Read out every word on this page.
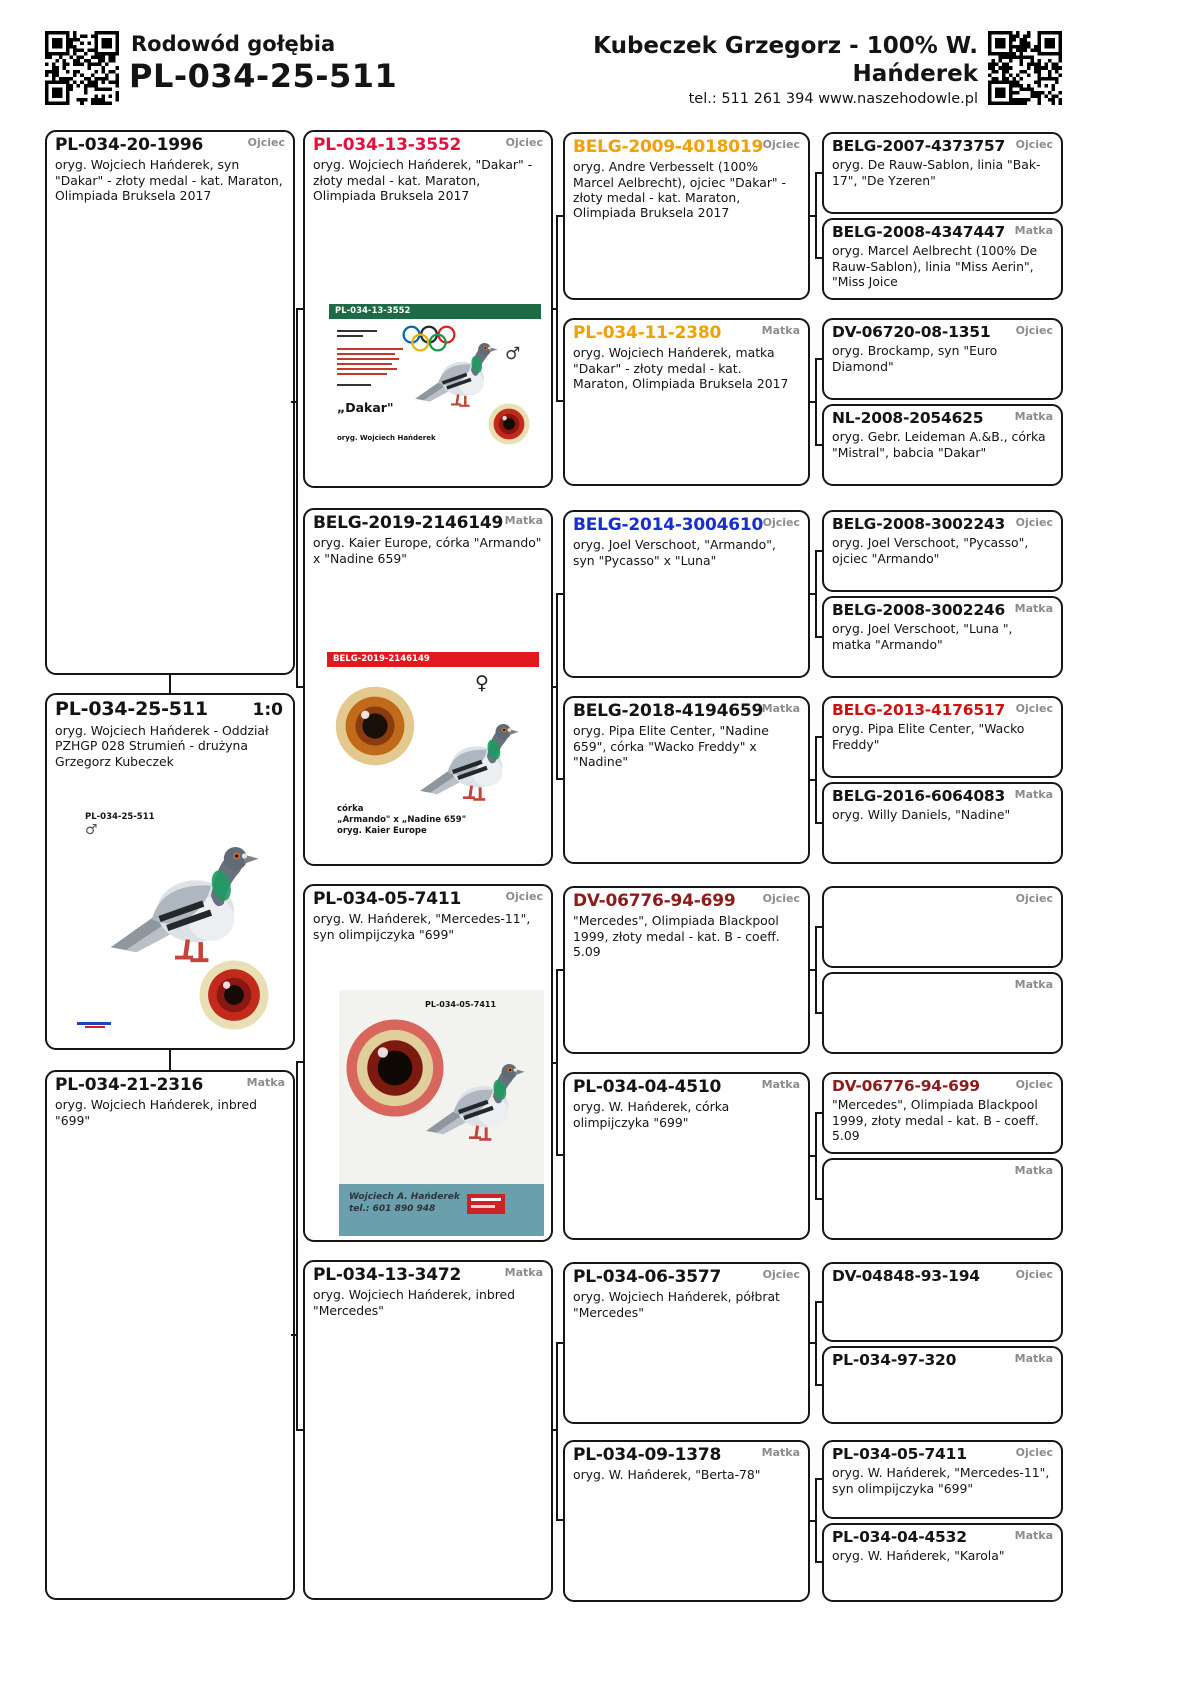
Rodowód gołębia
PL-034-25-511
Kubeczek Grzegorz - 100% W.
Hańderek
tel.: 511 261 394 www.naszehodowle.pl
Ojciec
PL-034-20-1996
oryg. Wojciech Hańderek, syn "Dakar" - złoty medal - kat. Maraton, Olimpiada Bruksela 2017
PL-034-25-511	1:0
oryg. Wojciech Hańderek - Oddział PZHGP 028 Strumień - drużyna Grzegorz Kubeczek
PL-034-25-511
♂
Matka
PL-034-21-2316
oryg. Wojciech Hańderek, inbred "699"
Ojciec
PL-034-13-3552
oryg. Wojciech Hańderek, "Dakar" - złoty medal - kat. Maraton, Olimpiada Bruksela 2017
PL-034-13-3552
♂
„Dakar"
oryg. Wojciech Hańderek
Matka
BELG-2019-2146149
oryg. Kaier Europe, córka "Armando" x "Nadine 659"
BELG-2019-2146149
♀
córka
„Armando" x „Nadine 659"
oryg. Kaier Europe
Ojciec
PL-034-05-7411
oryg. W. Hańderek, "Mercedes-11", syn olimpijczyka "699"
PL-034-05-7411
Wojciech A. Hańderek
tel.: 601 890 948
Matka
PL-034-13-3472
oryg. Wojciech Hańderek, inbred "Mercedes"
Ojciec
BELG-2009-4018019
oryg. Andre Verbesselt (100% Marcel Aelbrecht), ojciec "Dakar" - złoty medal - kat. Maraton, Olimpiada Bruksela 2017
Matka
PL-034-11-2380
oryg. Wojciech Hańderek, matka "Dakar" - złoty medal - kat. Maraton, Olimpiada Bruksela 2017
Ojciec
BELG-2014-3004610
oryg. Joel Verschoot, "Armando", syn "Pycasso" x "Luna"
Matka
BELG-2018-4194659
oryg. Pipa Elite Center, "Nadine 659", córka "Wacko Freddy" x "Nadine"
Ojciec
DV-06776-94-699
"Mercedes", Olimpiada Blackpool 1999, złoty medal - kat. B - coeff. 5.09
Matka
PL-034-04-4510
oryg. W. Hańderek, córka olimpijczyka "699"
Ojciec
PL-034-06-3577
oryg. Wojciech Hańderek, półbrat "Mercedes"
Matka
PL-034-09-1378
oryg. W. Hańderek, "Berta-78"
Ojciec
BELG-2007-4373757
oryg. De Rauw-Sablon, linia "Bak-17", "De Yzeren"
Matka
BELG-2008-4347447
oryg. Marcel Aelbrecht (100% De Rauw-Sablon), linia "Miss Aerin", "Miss Joice
Ojciec
DV-06720-08-1351
oryg. Brockamp, syn "Euro Diamond"
Matka
NL-2008-2054625
oryg. Gebr. Leideman A.&B., córka "Mistral", babcia "Dakar"
Ojciec
BELG-2008-3002243
oryg. Joel Verschoot, "Pycasso", ojciec "Armando"
Matka
BELG-2008-3002246
oryg. Joel Verschoot, "Luna ", matka "Armando"
Ojciec
BELG-2013-4176517
oryg. Pipa Elite Center, "Wacko Freddy"
Matka
BELG-2016-6064083
oryg. Willy Daniels, "Nadine"
Ojciec
Matka
Ojciec
DV-06776-94-699
"Mercedes", Olimpiada Blackpool 1999, złoty medal - kat. B - coeff. 5.09
Matka
Ojciec
DV-04848-93-194
Matka
PL-034-97-320
Ojciec
PL-034-05-7411
oryg. W. Hańderek, "Mercedes-11", syn olimpijczyka "699"
Matka
PL-034-04-4532
oryg. W. Hańderek, "Karola"
